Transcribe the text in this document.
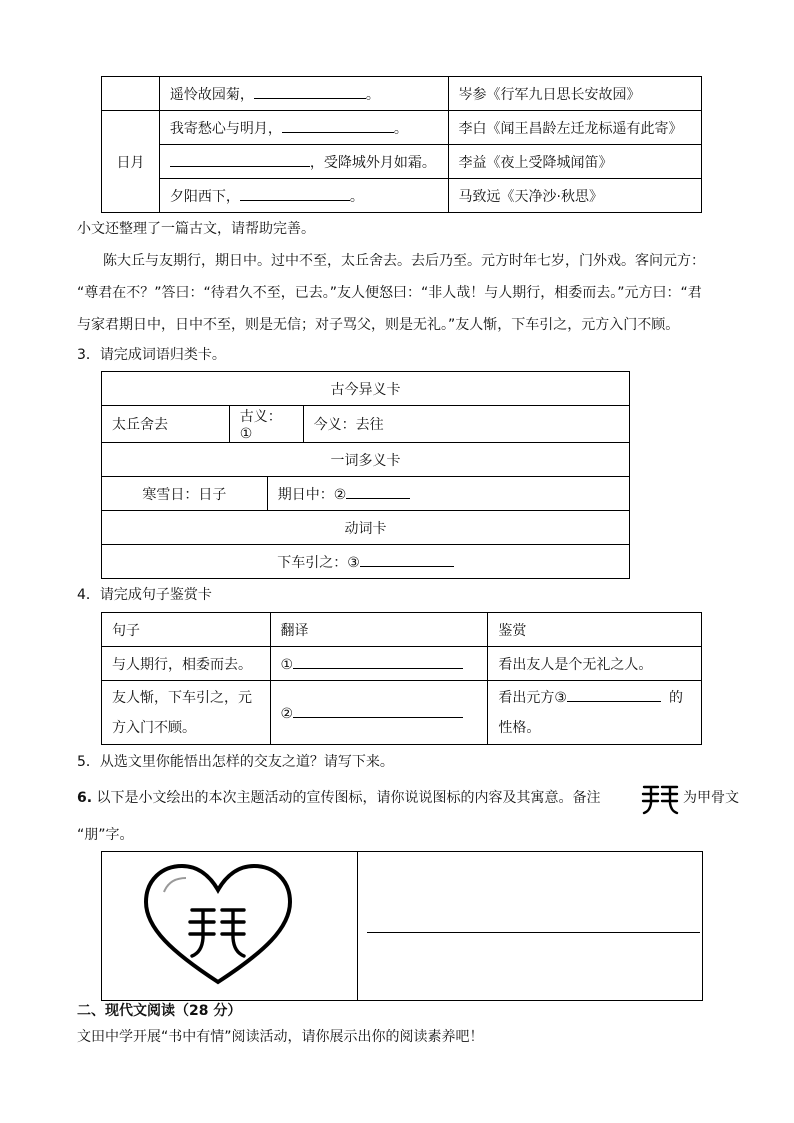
	遥怜故园菊， 。	岑参《行军九日思长安故园》
日月	我寄愁心与明月， 。	李白《闻王昌龄左迁龙标遥有此寄》
	，受降城外月如霜。	李益《夜上受降城闻笛》
	夕阳西下， 。	马致远《天净沙·秋思》
小文还整理了一篇古文，请帮助完善。
陈大丘与友期行，期日中。过中不至，太丘舍去。去后乃至。元方时年七岁，门外戏。客问元方：
“尊君在不？”答曰：“待君久不至，已去。”友人便怒曰：“非人哉！与人期行，相委而去。”元方曰：“君
与家君期日中，日中不至，则是无信；对子骂父，则是无礼。”友人惭，下车引之，元方入门不顾。
3．请完成词语归类卡。
古今异义卡			
太丘舍去	古义：①		今义：去往
一词多义卡			
寒雪日：日子		期日中：②	
动词卡			
下车引之：③			
4．请完成句子鉴赏卡
句子	翻译	鉴赏
与人期行，相委而去。	①	看出友人是个无礼之人。
友人惭，下车引之，元
方入门不顾。	②	看出元方③ 的
性格。
5．从选文里你能悟出怎样的交友之道？请写下来。
6. 以下是小文绘出的本次主题活动的宣传图标，请你说说图标的内容及其寓意。备注	为甲骨文
“朋”字。
二、现代文阅读（28 分）
文田中学开展“书中有情”阅读活动，请你展示出你的阅读素养吧！
